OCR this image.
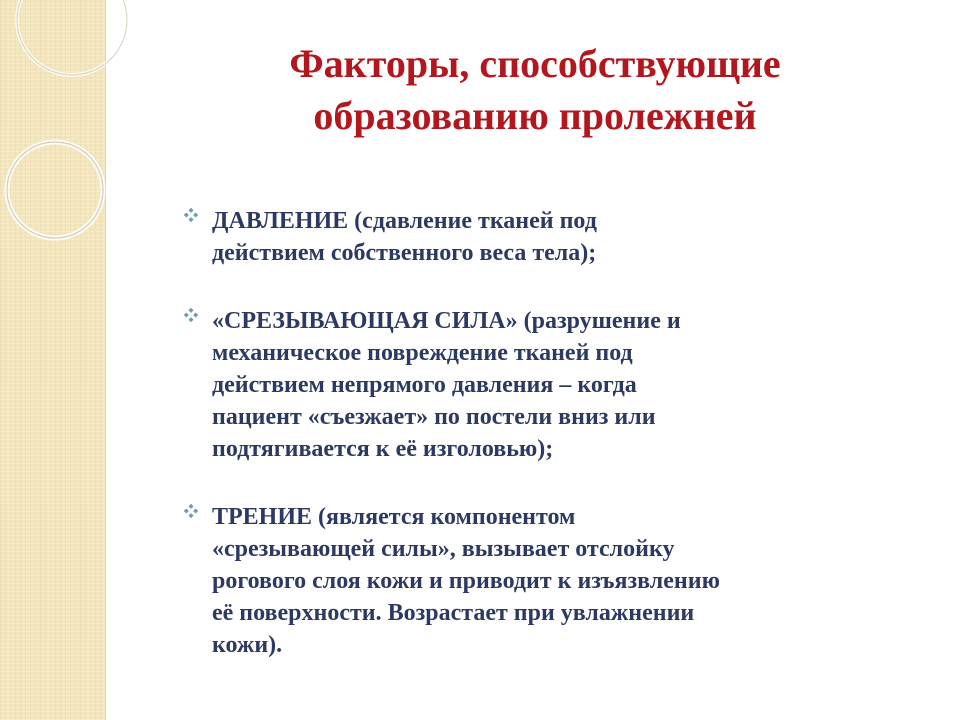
Факторы, способствующие
образованию пролежней
ДАВЛЕНИЕ (сдавление тканей под
действием собственного веса тела);
«СРЕЗЫВАЮЩАЯ СИЛА» (разрушение и
механическое повреждение тканей под
действием непрямого давления – когда
пациент «съезжает» по постели вниз или
подтягивается к её изголовью);
ТРЕНИЕ (является компонентом
«срезывающей силы», вызывает отслойку
рогового слоя кожи и приводит к изъязвлению
её поверхности. Возрастает при увлажнении
кожи).
